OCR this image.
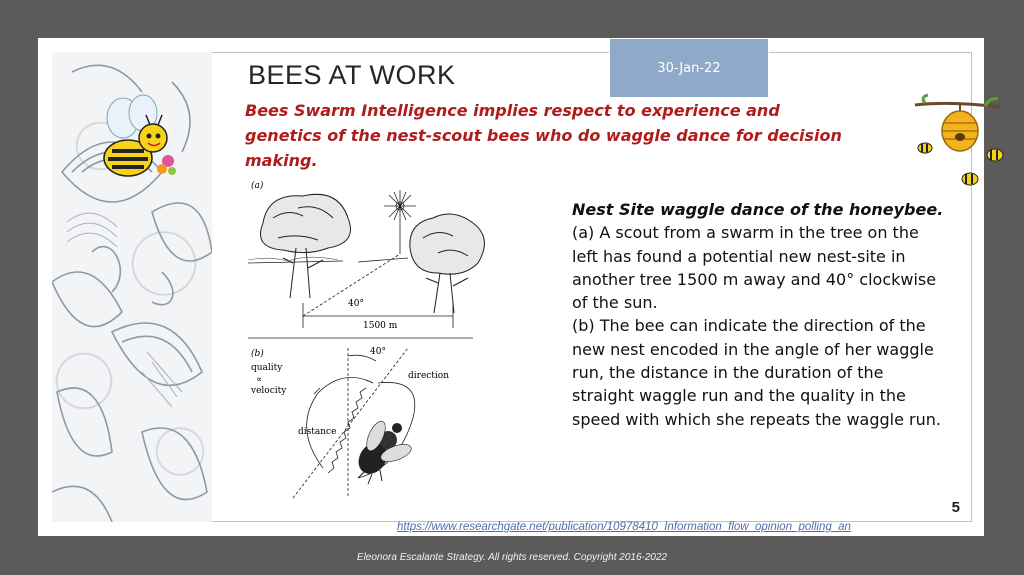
30-Jan-22
BEES AT WORK
Bees Swarm Intelligence implies respect to experience and genetics of the nest-scout bees who do waggle dance for decision making.
(a)
40°
1500 m
(b)
quality
∝
velocity
40°
direction
distance
Nest Site waggle dance of the honeybee.
(a) A scout from a swarm in the tree on the left has found a potential new nest-site in another tree 1500 m away and 40° clockwise of the sun.
(b) The bee can indicate the direction of the new nest encoded in the angle of her waggle run, the distance in the duration of the straight waggle run and the quality in the speed with which she repeats the waggle run.
5
https://www.researchgate.net/publication/10978410_Information_flow_opinion_polling_an
Eleonora Escalante Strategy. All rights reserved. Copyright 2016-2022
